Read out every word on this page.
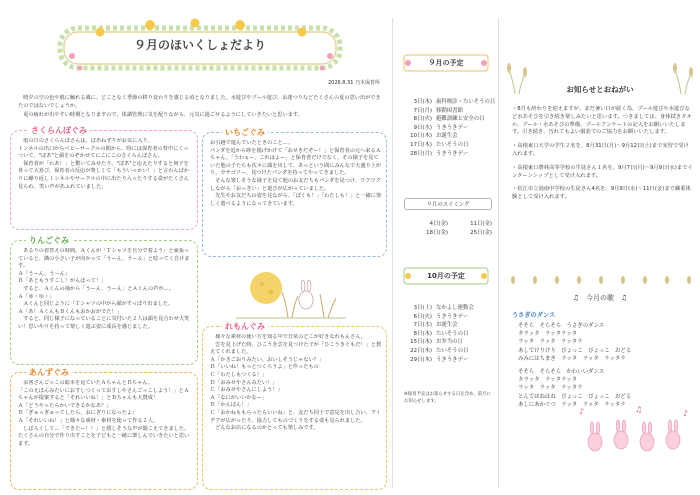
９月のほいくしょだより
2026.8.31 乃木保育所
　晴夕の空の色や肌に触れる風に、どことなく季節の移り変わりを感じる頃となりました。水遊びやプール遊び、お迷つりなどたくさんの夏の思い出ができたのではないでしょうか。
　夏の疲れが出やすい時期となりますので、体調管理に気を配りながら、元気に過ごせるようにしていきたいと思います。
さくらんぼぐみ
　雨の日のさくらんぼさんは、ばあねずりがお気に入り。
トンネルの出口からベビーサークルの間から、時には保育者の背中にくっついて、"ばあ"と顔をのぞかせてにこにこのさくらんぼさん。
　保育者が「わあ！」と驚いてみせたり、"ばあ"と応えたりすると何子を喜って大喜び。保育者の反応が楽しくて「もういっかい！」と言わんばかりに繰り返しトンネルやサークルの中に出たり入ったりする姿がたくさん見られ、笑い声があふれていました。
りんごぐみ
　あるりの着替えの時間。Ａくんが「Ｔシャツを自分で着よう」と頑張っていると、隣の小さい子が向かって「うーん、うーん」と唸ってく自けます。
Ａ「うーん、うーん」
Ｂ「あともうすこし！がんばって！」
　すると、Ａくんの袖から「うーん、うーん」とＡくんの声が…。
Ａ「ゆ・ゆ・」
　Ａくんと同じように「Ｔシャツの中から顔がすっぽり出ました。
Ａ「あ！ＡくんもＢくんもおかおがでた！」
　すると、同じ様子になっていることに気付いた２人は顔を見合わせ大笑い！思いやりを持って楽しく遊ぶ姿に成長を感じました。
あんずぐみ
　お客さんごっこの総本を見ていたＡちゃんとＢちゃん。
「このえほんみたいにおすしつくっておすしやさんごっこしよう！」とＡちゃんが提案すると「それいいね！」とＢちゃんも大賛成！
Ａ「どうやったらかいできるかなあ？」
Ｂ「ぎゅっぎゅってしたら、おにぎりになったよ」
Ａ「それいいね！」と様々な素材・素材を使って作る２人。
　しばらくして…「できたー！！」と嬉しそうな声が聞こえてきました。たくさんの自分で作り出すことを子どもと一緒に楽しんでいきたいと思います。
いちごぐみ
お引越で遊んでいたときのこと…。
パンダを追から砂を揚げかけて「おせきだぞー！」と保育者の元へ来るＡちゃん。「うわぁー、これはよー」と保育者だけでなく、その様子を見ていた他の子たちも次々に顔を出して、あっという間にみんなで大盛り上がり。ガサゴソー、見つけたパンダを持ってやってきました。
　そんな楽しそうな様子を見て他のお友だちもパンダを見つけ、ワクワクしながら「おっきい」と遊びが広がっていました。
　先生やお友だちの姿を見ながら、「ぼくも！」「わたしも！」と一緒に楽しく遊べるようになってきています。
れもんぐみ
　様々な素材の使い方を知る中で日常のどこが好きなれもんさん。
　雲を見上げた時、ひこうき雲を見つけた子が「ひこうきぐもだ！」と教えてくれました。
Ａ「かきごおりみたい、おいしそうじゃない？」
Ｂ「いいね！もっとつくろうよ」と作ったもの
Ｃ「わたしもつくる！」
Ｄ「おみせやさんみたい！」
Ｃ「おみせやさんにしよう！」
Ａ「なにがいいかなー」
Ｂ「かんばん！」
Ｃ「おかねももらったらいいね」と、友だち同士で意見を出し合い、アイデアが広がったり、協力してものづくりをする姿も見られました。
　どんなお店になるのかとっても楽しみです。
９月の予定
3日(木) 歯科検診・たいそうの日
7日(月) 移動図書館
8日(火) 避難訓練と安全の日
9日(水) うきうきデー
10日(木) お誕生会
17日(木) たいそうの日
28日(月) うきうきデー
９月のスイミング
4日(金)	11日(金)
18日(金)	25日(金)
10月の予定
3日(土) なかよし運動会
6日(火) うきうきデー
7日(水) お誕生会
8日(木) たいそうの日
15日(木) お弁当の日
22日(木) たいそうの日
29日(木) うきうきデー
※保育予定はお知らせする日を含め、前月にお知らせします。
お知らせとおねがい
・8月も終わりを迎えますが、まだ暑い日が続く為、プール遊びや水遊びなど水あそびを引き続き楽しみたいと思います。つきましては、身体拭きタオル、プール・水あそびの準備、プールアンケートの記入をお願いいたします。引き続き、汚れてもよい服装でのご協力をお願いいたします。
・高根東口大学の学生２名を、8月31日(月)～9月12日(土)まで実習で受け入れます。
・高根東口農林高等学校の生徒さん１名を、9月7日(月)～9月9日(水)までインターンシップとして受け入れます。
・松江市立湯南中学校の生徒さん4名を、9月9日(水)～11日(金)まで職業体験として受け入れます。
♫　今月の歌　♫
うさぎのダンス
そそら　そらそら　うさぎのダンス
タラッタ　ラッタラッタ
ラッタ　ラッタ　ラッタラ
あしでけりけり　ぴょっこ　ぴょっこ　おどる
みみにはちまき　ラッタ　ラッタ　ラッタラ
そそら　そらそら　かわいいダンス
タラッタ　ラッタラッタ
ラッタ　ラッタ　ラッタラ
とんではねはね　ぴょっこ　ぴょっこ　おどる
あしにあかぐつ　ラッタ　ラッタ　ラッタラ
♪	♫	♪
